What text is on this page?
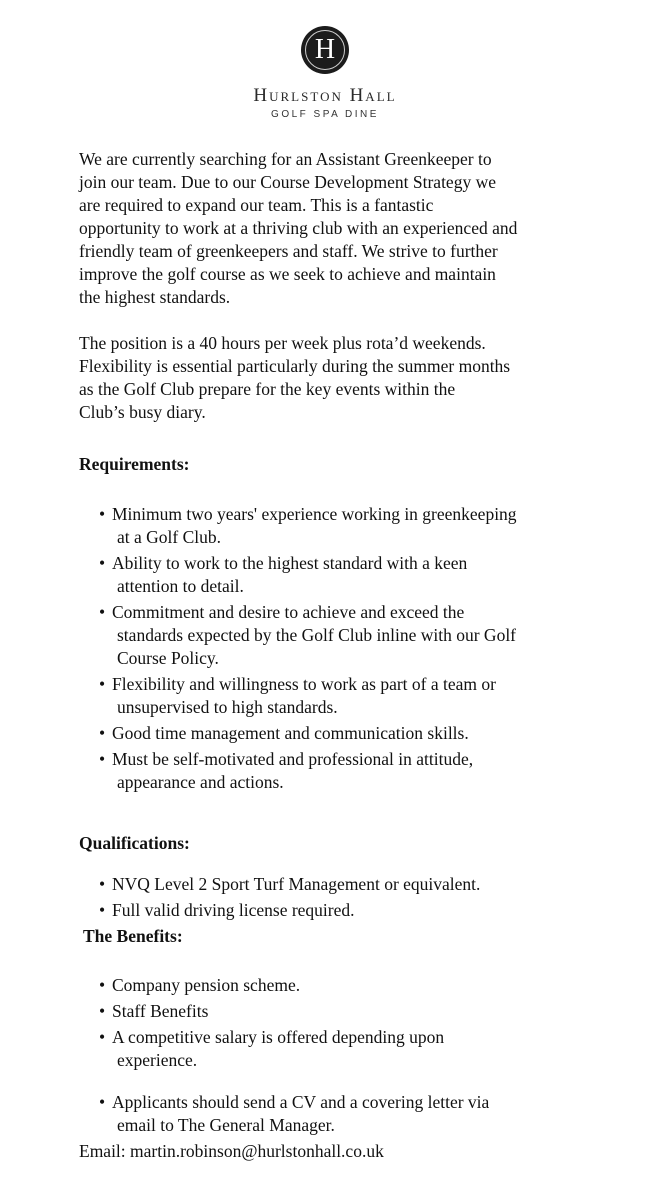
H
Hurlston Hall
GOLF SPA DINE

We are currently searching for an Assistant Greenkeeper to
join our team. Due to our Course Development Strategy we
are required to expand our team. This is a fantastic
opportunity to work at a thriving club with an experienced and
friendly team of greenkeepers and staff. We strive to further
improve the golf course as we seek to achieve and maintain
the highest standards.

The position is a 40 hours per week plus rota’d weekends.
Flexibility is essential particularly during the summer months
as the Golf Club prepare for the key events within the
Club’s busy diary.

Requirements:

• Minimum two years' experience working in greenkeeping
at a Golf Club.
• Ability to work to the highest standard with a keen
attention to detail.
• Commitment and desire to achieve and exceed the
standards expected by the Golf Club inline with our Golf
Course Policy.
• Flexibility and willingness to work as part of a team or
unsupervised to high standards.
• Good time management and communication skills.
• Must be self-motivated and professional in attitude,
appearance and actions.

Qualifications:

• NVQ Level 2 Sport Turf Management or equivalent.
• Full valid driving license required.

The Benefits:

• Company pension scheme.
• Staff Benefits
• A competitive salary is offered depending upon
experience.
• Applicants should send a CV and a covering letter via
email to The General Manager.

Email: martin.robinson@hurlstonhall.co.uk
